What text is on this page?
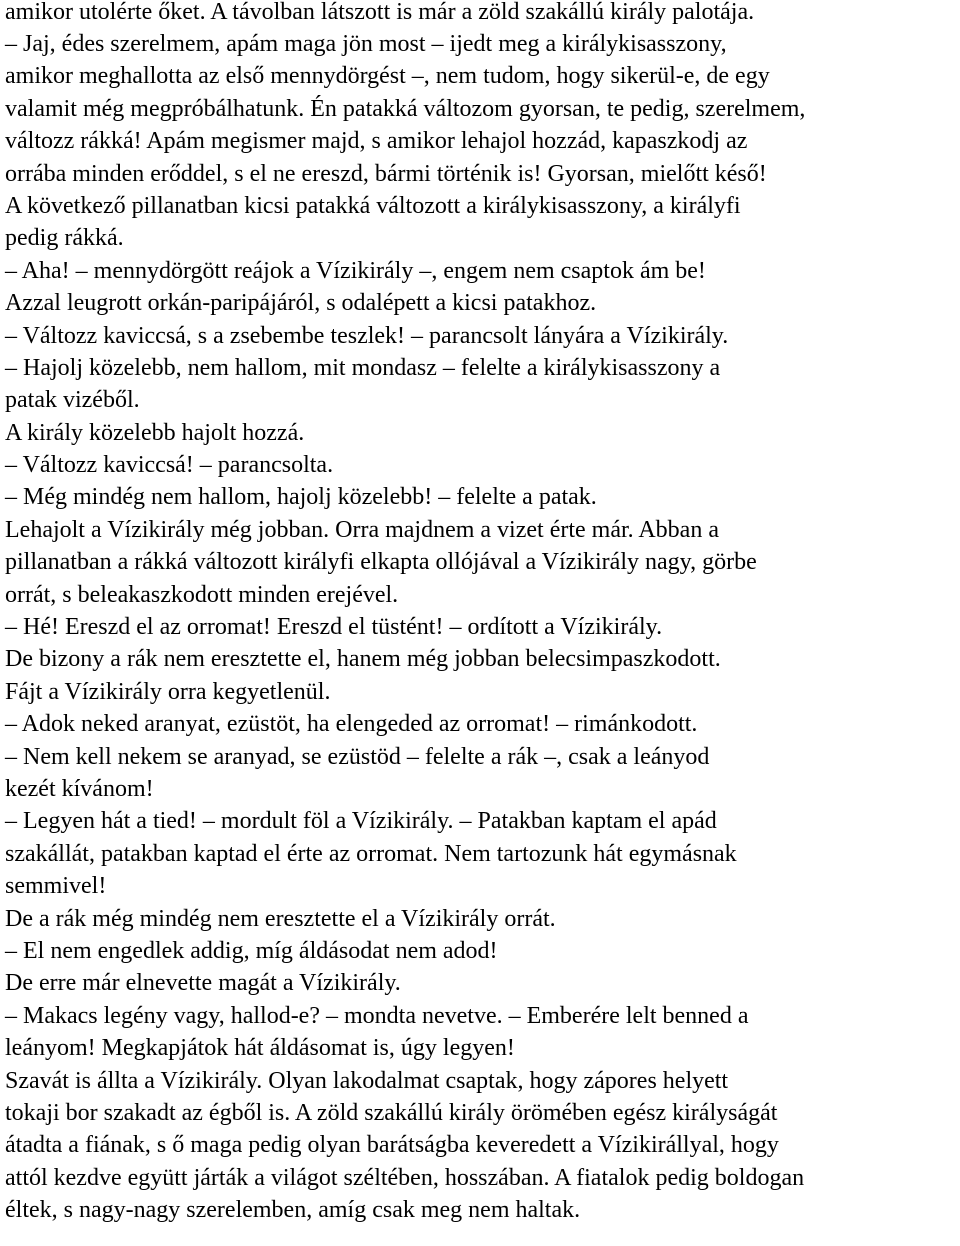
amikor utolérte őket. A távolban látszott is már a zöld szakállú király palotája.
– Jaj, édes szerelmem, apám maga jön most – ijedt meg a királykisasszony,
amikor meghallotta az első mennydörgést –, nem tudom, hogy sikerül-e, de egy
valamit még megpróbálhatunk. Én patakká változom gyorsan, te pedig, szerelmem,
változz rákká! Apám megismer majd, s amikor lehajol hozzád, kapaszkodj az
orrába minden erőddel, s el ne ereszd, bármi történik is! Gyorsan, mielőtt késő!
A következő pillanatban kicsi patakká változott a királykisasszony, a királyfi
pedig rákká.
– Aha! – mennydörgött reájok a Vízikirály –, engem nem csaptok ám be!
Azzal leugrott orkán-paripájáról, s odalépett a kicsi patakhoz.
– Változz kaviccsá, s a zsebembe teszlek! – parancsolt lányára a Vízikirály.
– Hajolj közelebb, nem hallom, mit mondasz – felelte a királykisasszony a
patak vizéből.
A király közelebb hajolt hozzá.
– Változz kaviccsá! – parancsolta.
– Még mindég nem hallom, hajolj közelebb! – felelte a patak.
Lehajolt a Vízikirály még jobban. Orra majdnem a vizet érte már. Abban a
pillanatban a rákká változott királyfi elkapta ollójával a Vízikirály nagy, görbe
orrát, s beleakaszkodott minden erejével.
– Hé! Ereszd el az orromat! Ereszd el tüstént! – ordított a Vízikirály.
De bizony a rák nem eresztette el, hanem még jobban belecsimpaszkodott.
Fájt a Vízikirály orra kegyetlenül.
– Adok neked aranyat, ezüstöt, ha elengeded az orromat! – rimánkodott.
– Nem kell nekem se aranyad, se ezüstöd – felelte a rák –, csak a leányod
kezét kívánom!
– Legyen hát a tied! – mordult föl a Vízikirály. – Patakban kaptam el apád
szakállát, patakban kaptad el érte az orromat. Nem tartozunk hát egymásnak
semmivel!
De a rák még mindég nem eresztette el a Vízikirály orrát.
– El nem engedlek addig, míg áldásodat nem adod!
De erre már elnevette magát a Vízikirály.
– Makacs legény vagy, hallod-e? – mondta nevetve. – Emberére lelt benned a
leányom! Megkapjátok hát áldásomat is, úgy legyen!
Szavát is állta a Vízikirály. Olyan lakodalmat csaptak, hogy zápores helyett
tokaji bor szakadt az égből is. A zöld szakállú király örömében egész királyságát
átadta a fiának, s ő maga pedig olyan barátságba keveredett a Vízikirállyal, hogy
attól kezdve együtt járták a világot széltében, hosszában. A fiatalok pedig boldogan
éltek, s nagy-nagy szerelemben, amíg csak meg nem haltak.
